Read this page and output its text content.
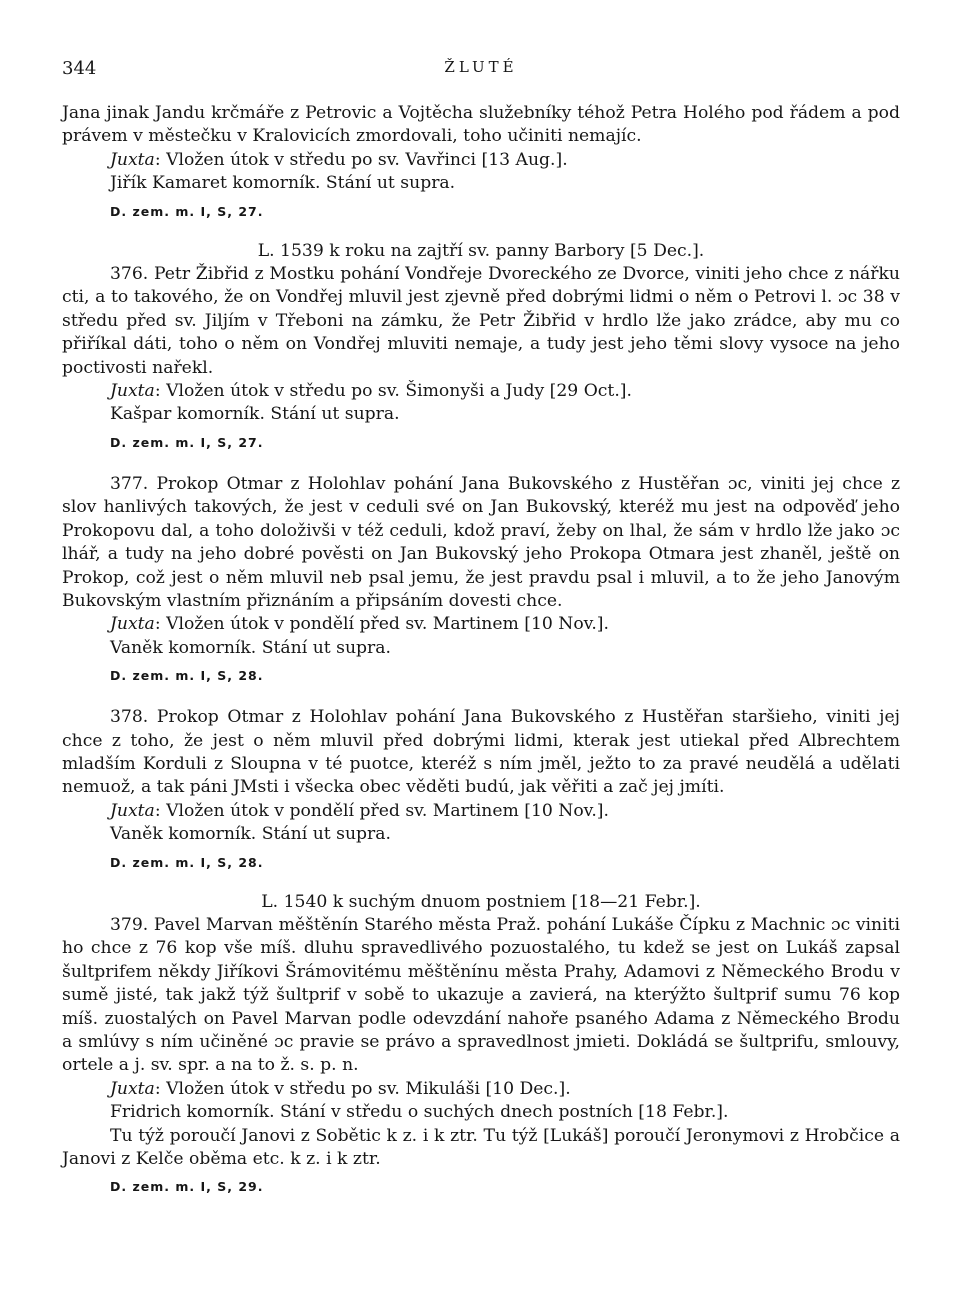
344	ŽLUTÉ

Jana jinak Jandu krčmáře z Petrovic a Vojtěcha služebníky téhož Petra Holého pod řádem a pod právem v městečku v Kralovicích zmordovali, toho učiniti nemajíc.

Juxta: Vložen útok v středu po sv. Vavřinci [13 Aug.].

Jiřík Kamaret komorník. Stání ut supra.

D. zem. m. I, S, 27.

L. 1539 k roku na zajtří sv. panny Barbory [5 Dec.].

376. Petr Žibřid z Mostku pohání Vondřeje Dvoreckého ze Dvorce, viniti jeho chce z nářku cti, a to takového, že on Vondřej mluvil jest zjevně před dobrými lidmi o něm o Petrovi l. ɔc 38 v středu před sv. Jiljím v Třeboni na zámku, že Petr Žibřid v hrdlo lže jako zrádce, aby mu co přiříkal dáti, toho o něm on Vondřej mluviti nemaje, a tudy jest jeho těmi slovy vysoce na jeho poctivosti nařekl.

Juxta: Vložen útok v středu po sv. Šimonyši a Judy [29 Oct.].

Kašpar komorník. Stání ut supra.

D. zem. m. I, S, 27.

377. Prokop Otmar z Holohlav pohání Jana Bukovského z Hustěřan ɔc, viniti jej chce z slov hanlivých takových, že jest v ceduli své on Jan Bukovský, kteréž mu jest na odpověď jeho Prokopovu dal, a toho doloživši v též ceduli, kdož praví, žeby on lhal, že sám v hrdlo lže jako ɔc lhář, a tudy na jeho dobré pověsti on Jan Bukovský jeho Prokopa Otmara jest zhaněl, ještě on Prokop, což jest o něm mluvil neb psal jemu, že jest pravdu psal i mluvil, a to že jeho Janovým Bukovským vlastním přiznáním a připsáním dovesti chce.

Juxta: Vložen útok v pondělí před sv. Martinem [10 Nov.].

Vaněk komorník. Stání ut supra.

D. zem. m. I, S, 28.

378. Prokop Otmar z Holohlav pohání Jana Bukovského z Hustěřan staršieho, viniti jej chce z toho, že jest o něm mluvil před dobrými lidmi, kterak jest utiekal před Albrechtem mladším Korduli z Sloupna v té puotce, kteréž s ním jměl, ježto to za pravé neudělá a udělati nemuož, a tak páni JMsti i všecka obec věděti budú, jak věřiti a zač jej jmíti.

Juxta: Vložen útok v pondělí před sv. Martinem [10 Nov.].

Vaněk komorník. Stání ut supra.

D. zem. m. I, S, 28.

L. 1540 k suchým dnuom postniem [18—21 Febr.].

379. Pavel Marvan měštěnín Starého města Praž. pohání Lukáše Čípku z Machnic ɔc viniti ho chce z 76 kop vše míš. dluhu spravedlivého pozuostalého, tu kdež se jest on Lukáš zapsal šultprifem někdy Jiříkovi Šrámovitému měštěnínu města Prahy, Adamovi z Německého Brodu v sumě jisté, tak jakž týž šultprif v sobě to ukazuje a zavierá, na kterýžto šultprif sumu 76 kop míš. zuostalých on Pavel Marvan podle odevzdání nahoře psaného Adama z Německého Brodu a smlúvy s ním učiněné ɔc pravie se právo a spravedlnost jmieti. Dokládá se šultprifu, smlouvy, ortele a j. sv. spr. a na to ž. s. p. n.

Juxta: Vložen útok v středu po sv. Mikuláši [10 Dec.].

Fridrich komorník. Stání v středu o suchých dnech postních [18 Febr.].

Tu týž poroučí Janovi z Sobětic k z. i k ztr. Tu týž [Lukáš] poroučí Jeronymovi z Hrobčice a Janovi z Kelče oběma etc. k z. i k ztr.

D. zem. m. I, S, 29.
